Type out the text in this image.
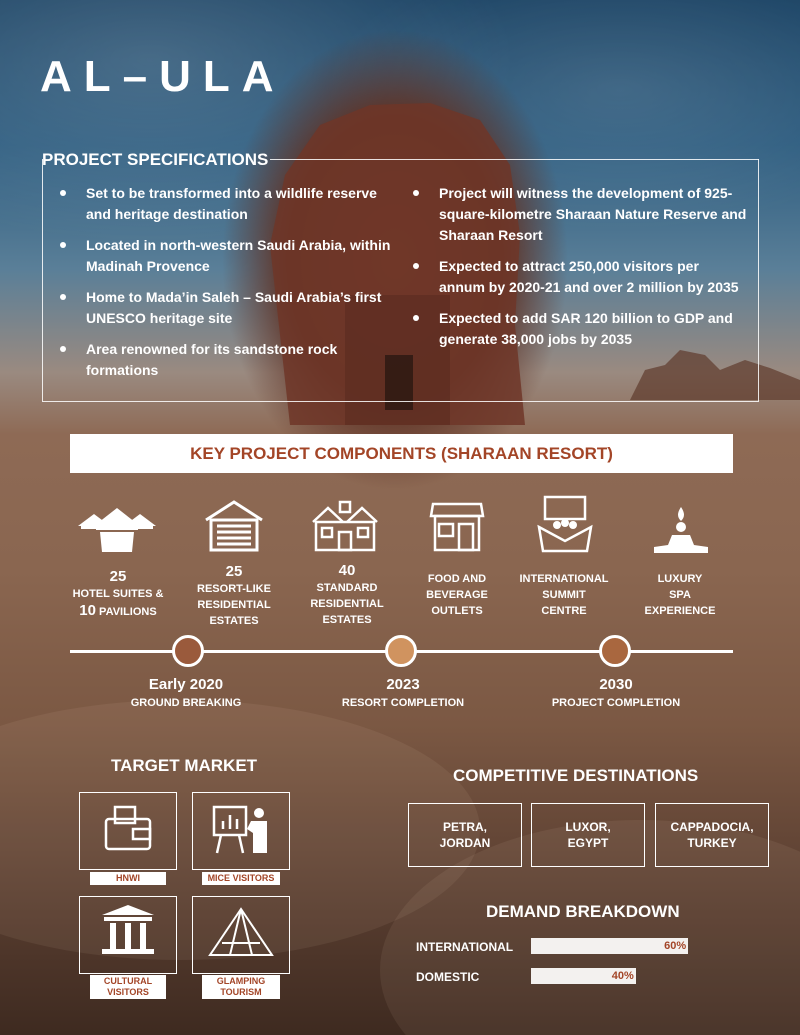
AL–ULA
PROJECT SPECIFICATIONS
Set to be transformed into a wildlife reserve and heritage destination
Located in north-western Saudi Arabia, within Madinah Provence
Home to Mada’in Saleh – Saudi Arabia’s first UNESCO heritage site
Area renowned for its sandstone rock formations
Project will witness the development of 925-square-kilometre Sharaan Nature Reserve and Sharaan Resort
Expected to attract 250,000 visitors per annum by 2020-21 and over 2 million by 2035
Expected to add SAR 120 billion to GDP and generate 38,000 jobs by 2035
KEY PROJECT COMPONENTS (SHARAAN RESORT)
25
HOTEL SUITES &
10 PAVILIONS
25
RESORT-LIKE
RESIDENTIAL
ESTATES
40
STANDARD
RESIDENTIAL
ESTATES
FOOD AND
BEVERAGE
OUTLETS
INTERNATIONAL
SUMMIT
CENTRE
LUXURY
SPA
EXPERIENCE
Early 2020
GROUND BREAKING
2023
RESORT COMPLETION
2030
PROJECT COMPLETION
TARGET MARKET
HNWI	MICE VISITORS
CULTURAL VISITORS
GLAMPING TOURISM
COMPETITIVE DESTINATIONS
PETRA,
JORDAN
LUXOR,
EGYPT
CAPPADOCIA,
TURKEY
DEMAND BREAKDOWN
INTERNATIONAL	60%
DOMESTIC	40%
